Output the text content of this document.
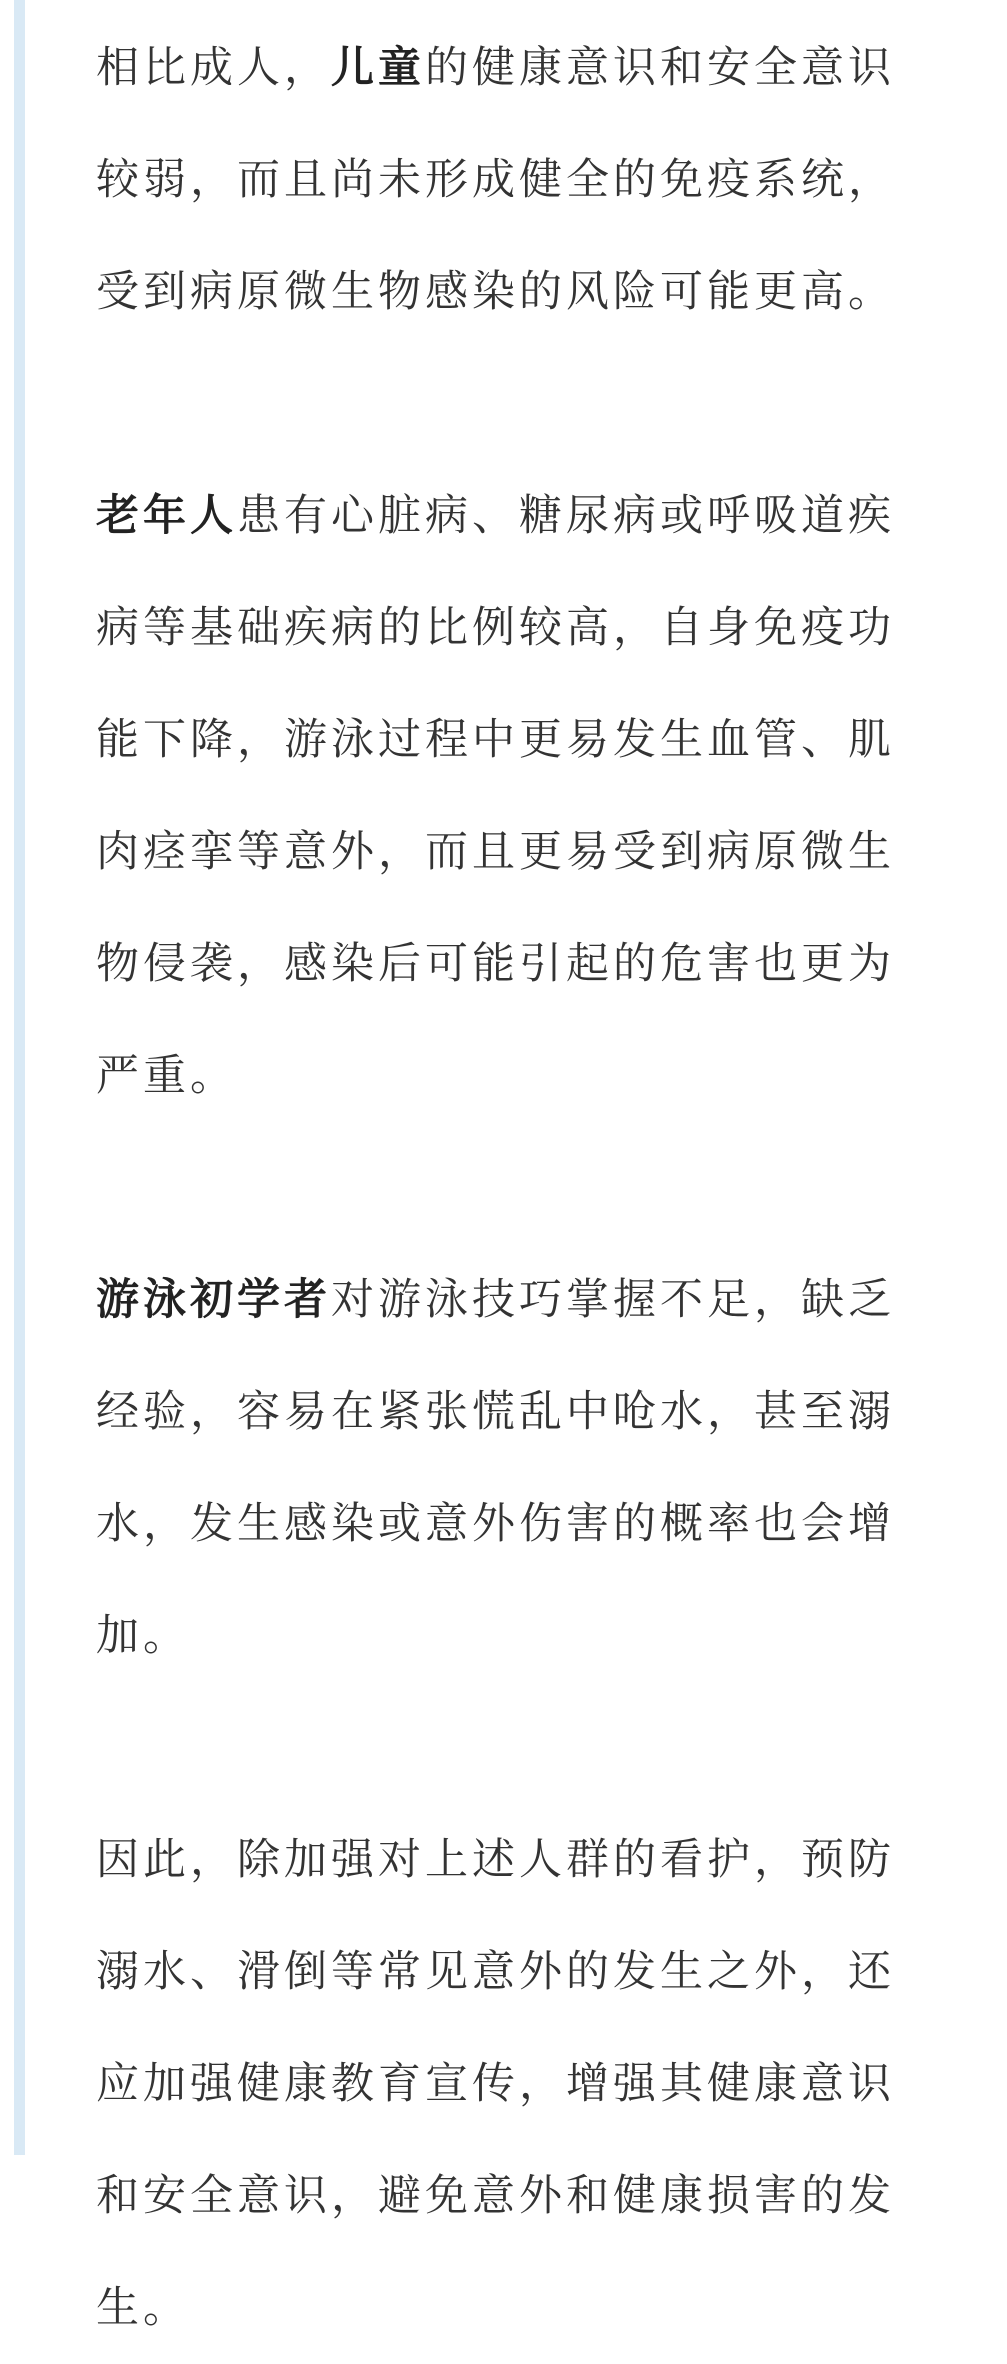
相比成人，儿童的健康意识和安全意识较弱，而且尚未形成健全的免疫系统，受到病原微生物感染的风险可能更高。

老年人患有心脏病、糖尿病或呼吸道疾病等基础疾病的比例较高，自身免疫功能下降，游泳过程中更易发生血管、肌肉痉挛等意外，而且更易受到病原微生物侵袭，感染后可能引起的危害也更为严重。

游泳初学者对游泳技巧掌握不足，缺乏经验，容易在紧张慌乱中呛水，甚至溺水，发生感染或意外伤害的概率也会增加。

因此，除加强对上述人群的看护，预防溺水、滑倒等常见意外的发生之外，还应加强健康教育宣传，增强其健康意识和安全意识，避免意外和健康损害的发生。
